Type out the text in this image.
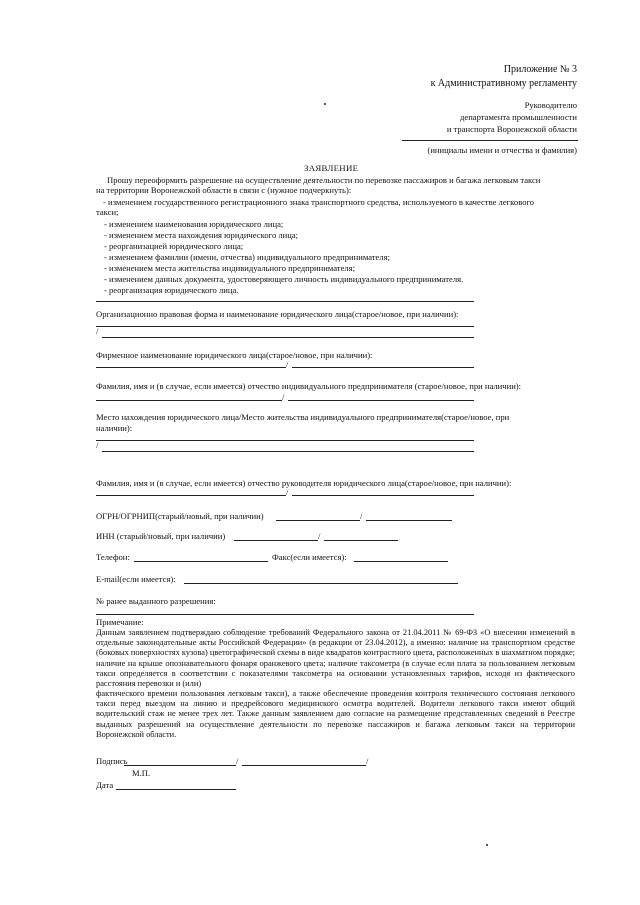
Приложение № 3
к Административному регламенту
Руководителю
департамента промышленности
и транспорта Воронежской области
(инициалы имени и отчества и фамилия)
ЗАЯВЛЕНИЕ
Прошу переоформить разрешение на осуществление деятельности по перевозке пассажиров и багажа легковым такси
на территории Воронежской области в связи с (нужное подчеркнуть):
- изменением государственного регистрационного знака транспортного средства, используемого в качестве легкового
такси;
- изменением наименования юридического лица;
- изменением места нахождения юридического лица;
- реорганизацией юридического лица;
- изменением фамилии (имени, отчества) индивидуального предпринимателя;
- изменением места жительства индивидуального предпринимателя;
- изменением данных документа, удостоверяющего личность индивидуального предпринимателя.
- реорганизация юридического лица.
Организационно правовая форма и наименование юридического лица(старое/новое, при наличии):
/
Фирменное наименование юридического лица(старое/новое, при наличии):
/
Фамилия, имя и (в случае, если имеется) отчество индивидуального предпринимателя (старое/новое, при наличии):
/
Место нахождения юридического лица/Место жительства индивидуального предпринимателя(старое/новое, при
наличии):
/
Фамилия, имя и (в случае, если имеется) отчество руководителя юридического лица(старое/новое, при наличии):
/
ОГРН/ОГРНИП(старый/новый, при наличии)	/
ИНН (старый/новый, при наличии)	/
Телефон:	Факс(если имеется):
E-mail(если имеется):
№ ранее выданного разрешения:
Примечание:
Данным заявлением подтверждаю соблюдение требований Федерального закона от 21.04.2011 № 69-ФЗ «О внесении изменений в отдельные законодательные акты Российской Федерации» (в редакции от 23.04.2012), а именно: наличие на транспортном средстве (боковых поверхностях кузова) цветографической схемы в виде квадратов контрастного цвета, расположенных в шахматном порядке; наличие на крыше опознавательного фонаря оранжевого цвета; наличие таксометра (в случае если плата за пользованием легковым такси определяется в соответствии с показателями таксометра на основании установленных тарифов, исходя из фактического расстояния перевозки и (или)
фактического времени пользования легковым такси), а также обеспечение проведения контроля технического состояния легкового такси перед выездом на линию и предрейсового медицинского осмотра водителей. Водители легкового такси имеют общий водительский стаж не менее трех лет. Также данным заявлением даю согласие на размещение представленных сведений в Реестре выданных разрешений на осуществление деятельности по перевозке пассажиров и багажа легковым такси на территории Воронежской области.
Подпись	/	/
М.П.
Дата
